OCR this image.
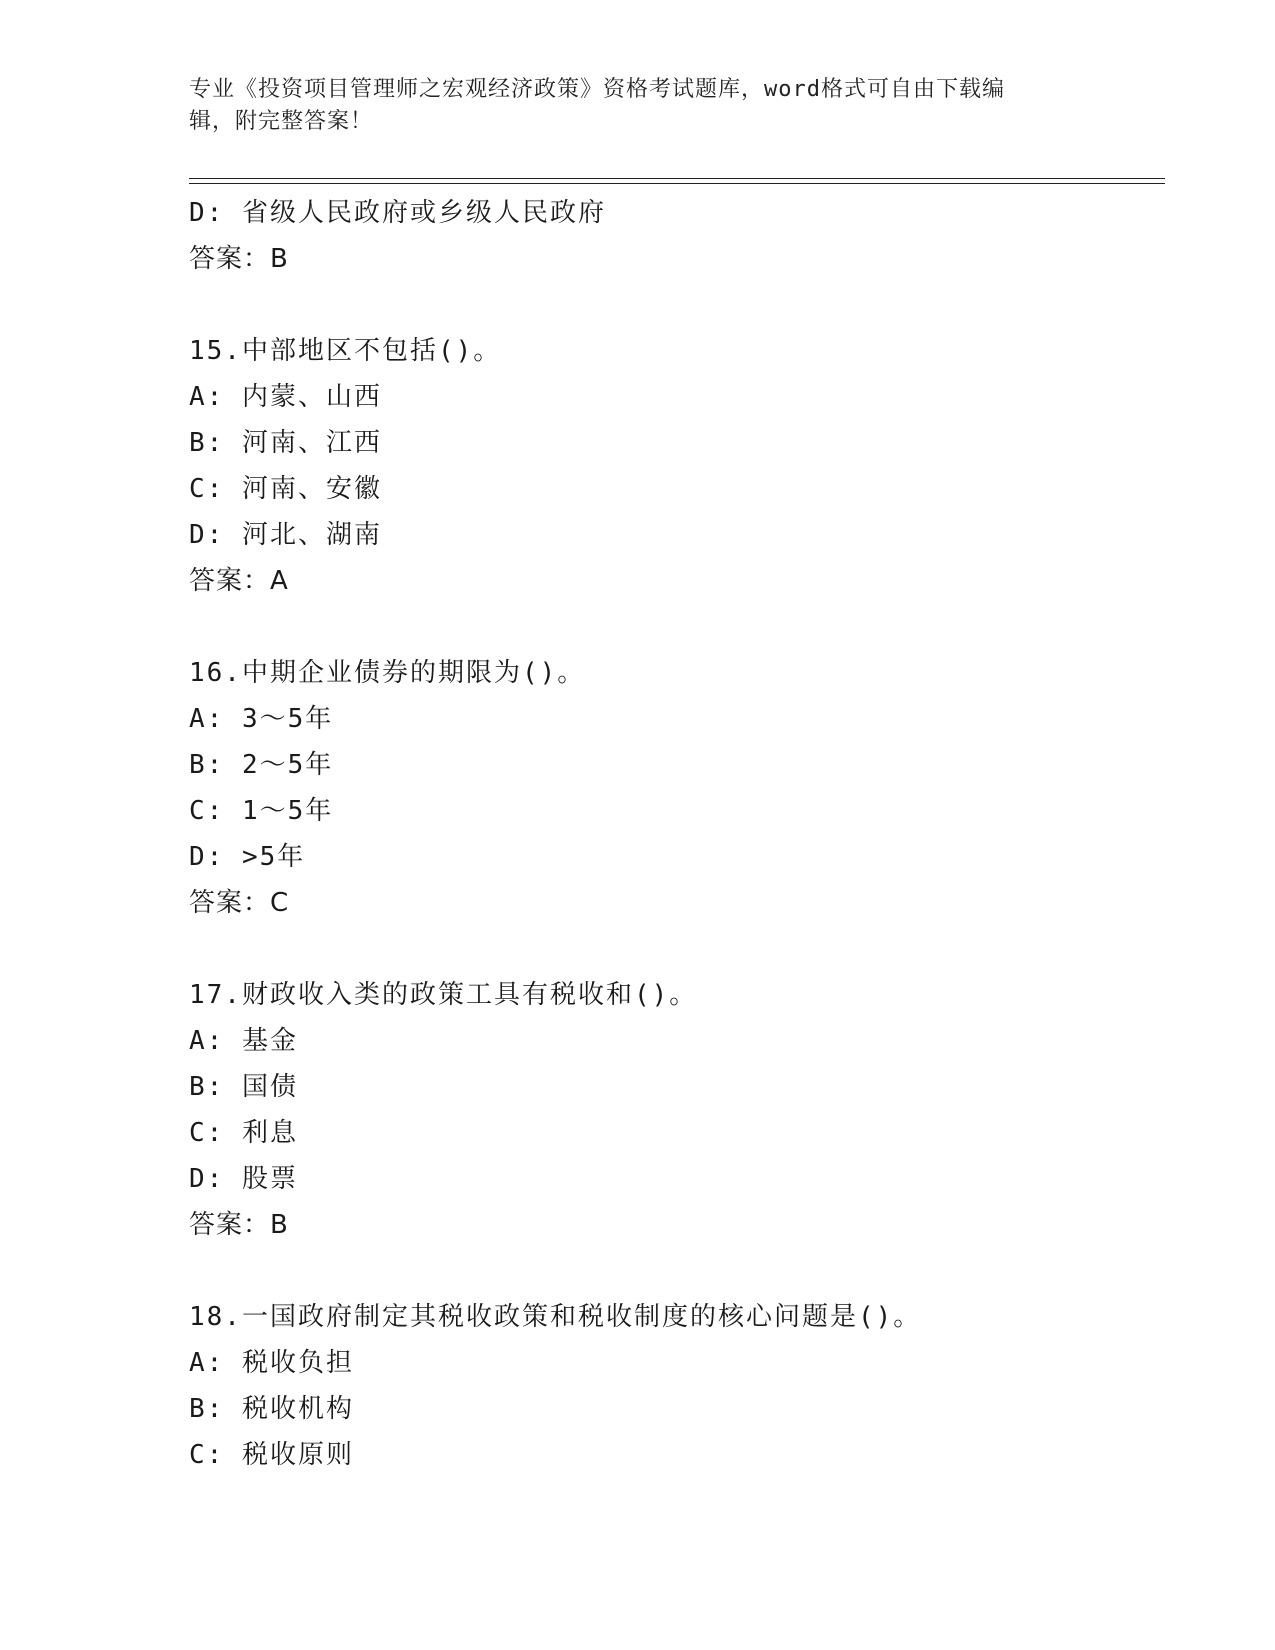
专业《投资项目管理师之宏观经济政策》资格考试题库，word格式可自由下载编
辑，附完整答案！
D: 省级人民政府或乡级人民政府
答案：B
15.中部地区不包括()。
A: 内蒙、山西
B: 河南、江西
C: 河南、安徽
D: 河北、湖南
答案：A
16.中期企业债券的期限为()。
A: 3～5年
B: 2～5年
C: 1～5年
D: >5年
答案：C
17.财政收入类的政策工具有税收和()。
A: 基金
B: 国债
C: 利息
D: 股票
答案：B
18.一国政府制定其税收政策和税收制度的核心问题是()。
A: 税收负担
B: 税收机构
C: 税收原则
